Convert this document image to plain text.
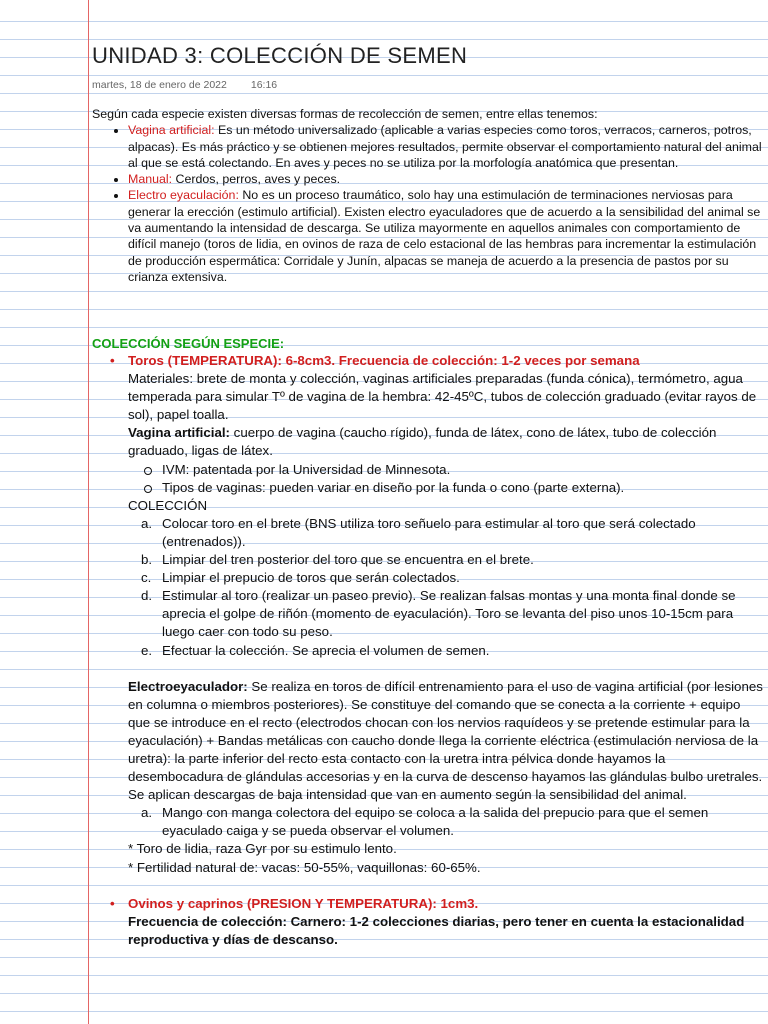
UNIDAD 3: COLECCIÓN DE SEMEN
martes, 18 de enero de 2022 16:16

Según cada especie existen diversas formas de recolección de semen, entre ellas tenemos:

• Vagina artificial: Es un método universalizado (aplicable a varias especies como toros, verracos, carneros, potros, alpacas). Es más práctico y se obtienen mejores resultados, permite observar el comportamiento natural del animal al que se está colectando. En aves y peces no se utiliza por la morfología anatómica que presentan.
• Manual: Cerdos, perros, aves y peces.
• Electro eyaculación: No es un proceso traumático, solo hay una estimulación de terminaciones nerviosas para generar la erección (estimulo artificial). Existen electro eyaculadores que de acuerdo a la sensibilidad del animal se va aumentando la intensidad de descarga. Se utiliza mayormente en aquellos animales con comportamiento de difícil manejo (toros de lidia, en ovinos de raza de celo estacional de las hembras para incrementar la estimulación de producción espermática: Corridale y Junín, alpacas se maneja de acuerdo a la presencia de pastos por su crianza extensiva.
COLECCIÓN SEGÚN ESPECIE:
• Toros (TEMPERATURA): 6-8cm3. Frecuencia de colección: 1-2 veces por semana
Materiales: brete de monta y colección, vaginas artificiales preparadas (funda cónica), termómetro, agua temperada para simular Tº de vagina de la hembra: 42-45ºC, tubos de colección graduado (evitar rayos de sol), papel toalla.
Vagina artificial: cuerpo de vagina (caucho rígido), funda de látex, cono de látex, tubo de colección graduado, ligas de látex.
IVM: patentada por la Universidad de Minnesota.
Tipos de vaginas: pueden variar en diseño por la funda o cono (parte externa).
COLECCIÓN
a. Colocar toro en el brete (BNS utiliza toro señuelo para estimular al toro que será colectado (entrenados)).
b. Limpiar del tren posterior del toro que se encuentra en el brete.
c. Limpiar el prepucio de toros que serán colectados.
d. Estimular al toro (realizar un paseo previo). Se realizan falsas montas y una monta final donde se aprecia el golpe de riñón (momento de eyaculación). Toro se levanta del piso unos 10-15cm para luego caer con todo su peso.
e. Efectuar la colección. Se aprecia el volumen de semen.
Electroeyaculador: Se realiza en toros de difícil entrenamiento para el uso de vagina artificial (por lesiones en columna o miembros posteriores). Se constituye del comando que se conecta a la corriente + equipo que se introduce en el recto (electrodos chocan con los nervios raquídeos y se pretende estimular para la eyaculación) + Bandas metálicas con caucho donde llega la corriente eléctrica (estimulación nerviosa de la uretra): la parte inferior del recto esta contacto con la uretra intra pélvica donde hayamos la desembocadura de glándulas accesorias y en la curva de descenso hayamos las glándulas bulbo uretrales. Se aplican descargas de baja intensidad que van en aumento según la sensibilidad del animal.
a. Mango con manga colectora del equipo se coloca a la salida del prepucio para que el semen eyaculado caiga y se pueda observar el volumen.
* Toro de lidia, raza Gyr por su estimulo lento.
* Fertilidad natural de: vacas: 50-55%, vaquillonas: 60-65%.
• Ovinos y caprinos (PRESION Y TEMPERATURA): 1cm3.
Frecuencia de colección: Carnero: 1-2 colecciones diarias, pero tener en cuenta la estacionalidad reproductiva y días de descanso.
